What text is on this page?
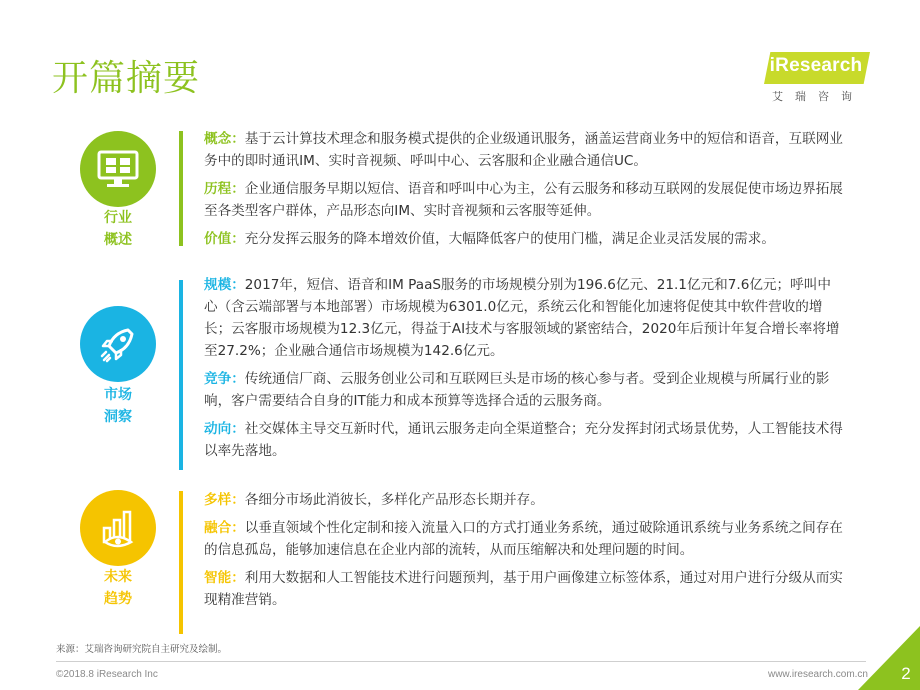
开篇摘要	iResearch
艾瑞咨询
行业
概述
概念：基于云计算技术理念和服务模式提供的企业级通讯服务，涵盖运营商业务中的短信和语音，互联网业务中的即时通讯IM、实时音视频、呼叫中心、云客服和企业融合通信UC。
历程：企业通信服务早期以短信、语音和呼叫中心为主，公有云服务和移动互联网的发展促使市场边界拓展至各类型客户群体，产品形态向IM、实时音视频和云客服等延伸。
价值：充分发挥云服务的降本增效价值，大幅降低客户的使用门槛，满足企业灵活发展的需求。
市场
洞察
规模：2017年，短信、语音和IM PaaS服务的市场规模分别为196.6亿元、21.1亿元和7.6亿元；呼叫中心（含云端部署与本地部署）市场规模为6301.0亿元，系统云化和智能化加速将促使其中软件营收的增长；云客服市场规模为12.3亿元，得益于AI技术与客服领域的紧密结合，2020年后预计年复合增长率将增至27.2%；企业融合通信市场规模为142.6亿元。
竞争：传统通信厂商、云服务创业公司和互联网巨头是市场的核心参与者。受到企业规模与所属行业的影响，客户需要结合自身的IT能力和成本预算等选择合适的云服务商。
动向：社交媒体主导交互新时代，通讯云服务走向全渠道整合；充分发挥封闭式场景优势，人工智能技术得以率先落地。
未来
趋势
多样：各细分市场此消彼长，多样化产品形态长期并存。
融合：以垂直领域个性化定制和接入流量入口的方式打通业务系统，通过破除通讯系统与业务系统之间存在的信息孤岛，能够加速信息在企业内部的流转，从而压缩解决和处理问题的时间。
智能：利用大数据和人工智能技术进行问题预判，基于用户画像建立标签体系，通过对用户进行分级从而实现精准营销。
来源：艾瑞咨询研究院自主研究及绘制。
©2018.8 iResearch Inc	www.iresearch.com.cn	2
